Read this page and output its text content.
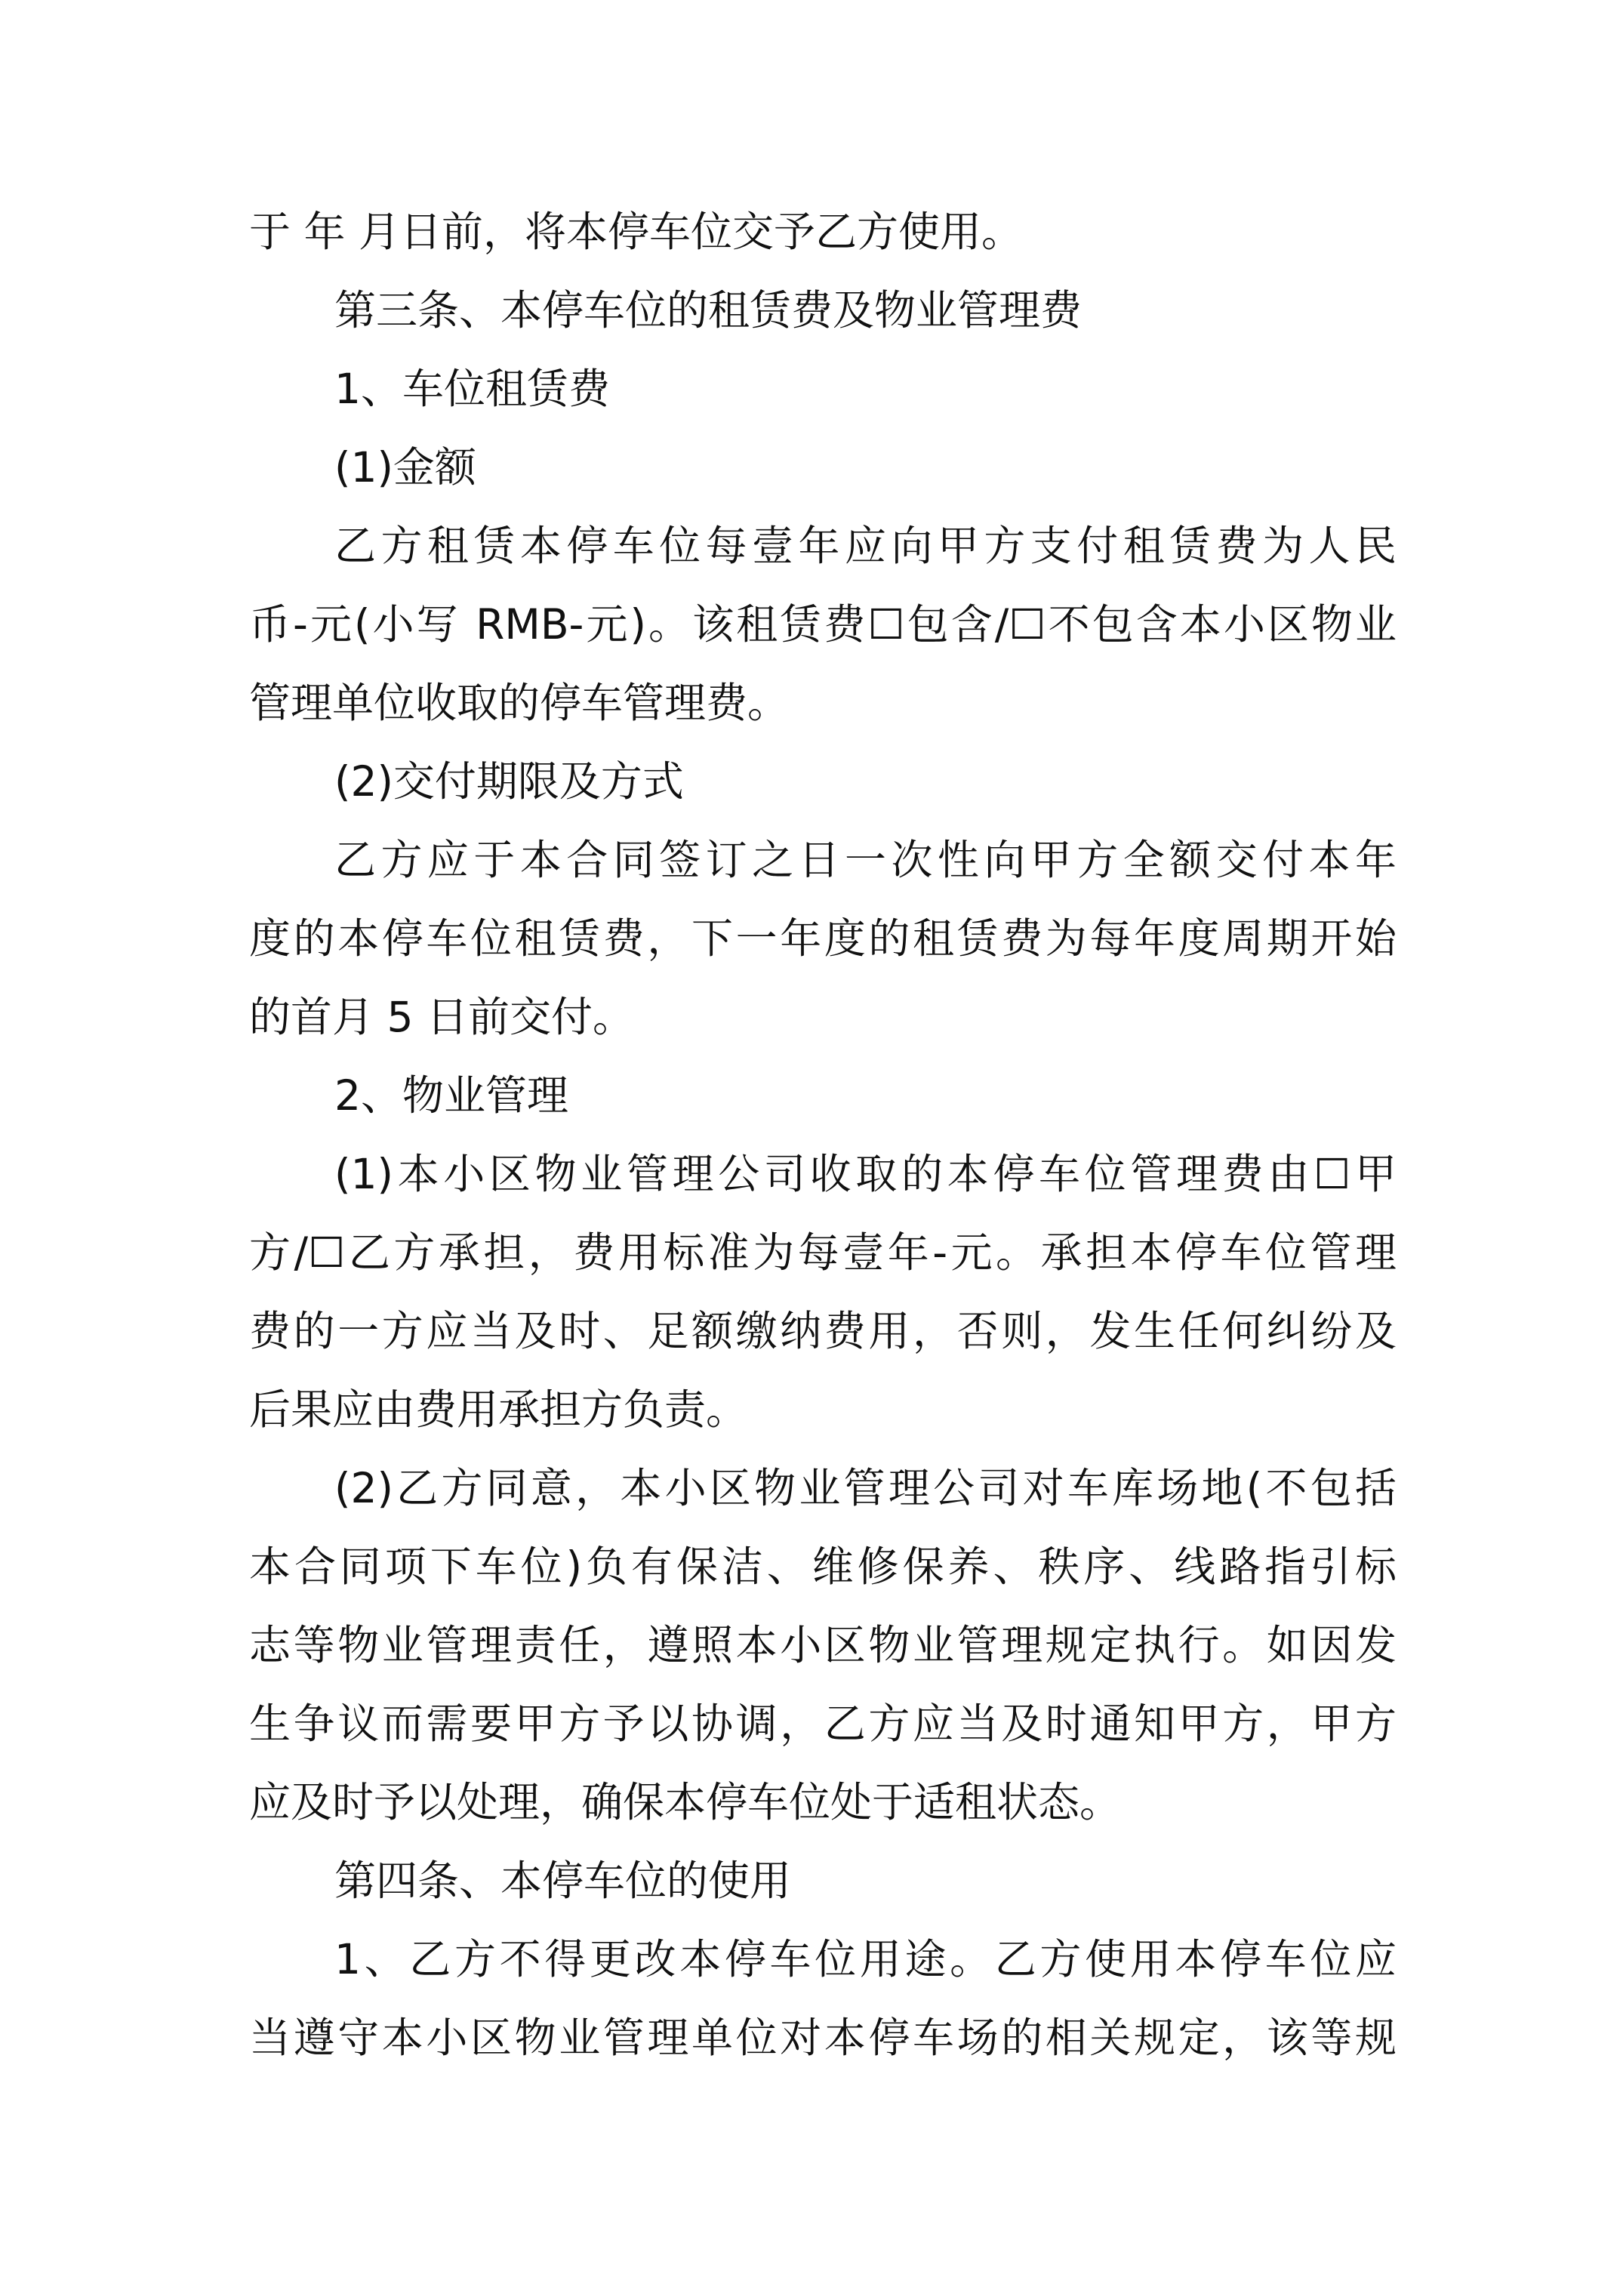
于 年 月日前，将本停车位交予乙方使用。

第三条、本停车位的租赁费及物业管理费

1、车位租赁费

(1)金额

乙方租赁本停车位每壹年应向甲方支付租赁费为人民

币-元(小写 RMB-元)。该租赁费☐包含/☐不包含本小区物业

管理单位收取的停车管理费。

(2)交付期限及方式

乙方应于本合同签订之日一次性向甲方全额交付本年

度的本停车位租赁费，下一年度的租赁费为每年度周期开始

的首月 5 日前交付。

2、物业管理

(1)本小区物业管理公司收取的本停车位管理费由☐甲

方/☐乙方承担，费用标准为每壹年-元。承担本停车位管理

费的一方应当及时、足额缴纳费用，否则，发生任何纠纷及

后果应由费用承担方负责。

(2)乙方同意，本小区物业管理公司对车库场地(不包括

本合同项下车位)负有保洁、维修保养、秩序、线路指引标

志等物业管理责任，遵照本小区物业管理规定执行。如因发

生争议而需要甲方予以协调，乙方应当及时通知甲方，甲方

应及时予以处理，确保本停车位处于适租状态。

第四条、本停车位的使用

1、乙方不得更改本停车位用途。乙方使用本停车位应

当遵守本小区物业管理单位对本停车场的相关规定，该等规
